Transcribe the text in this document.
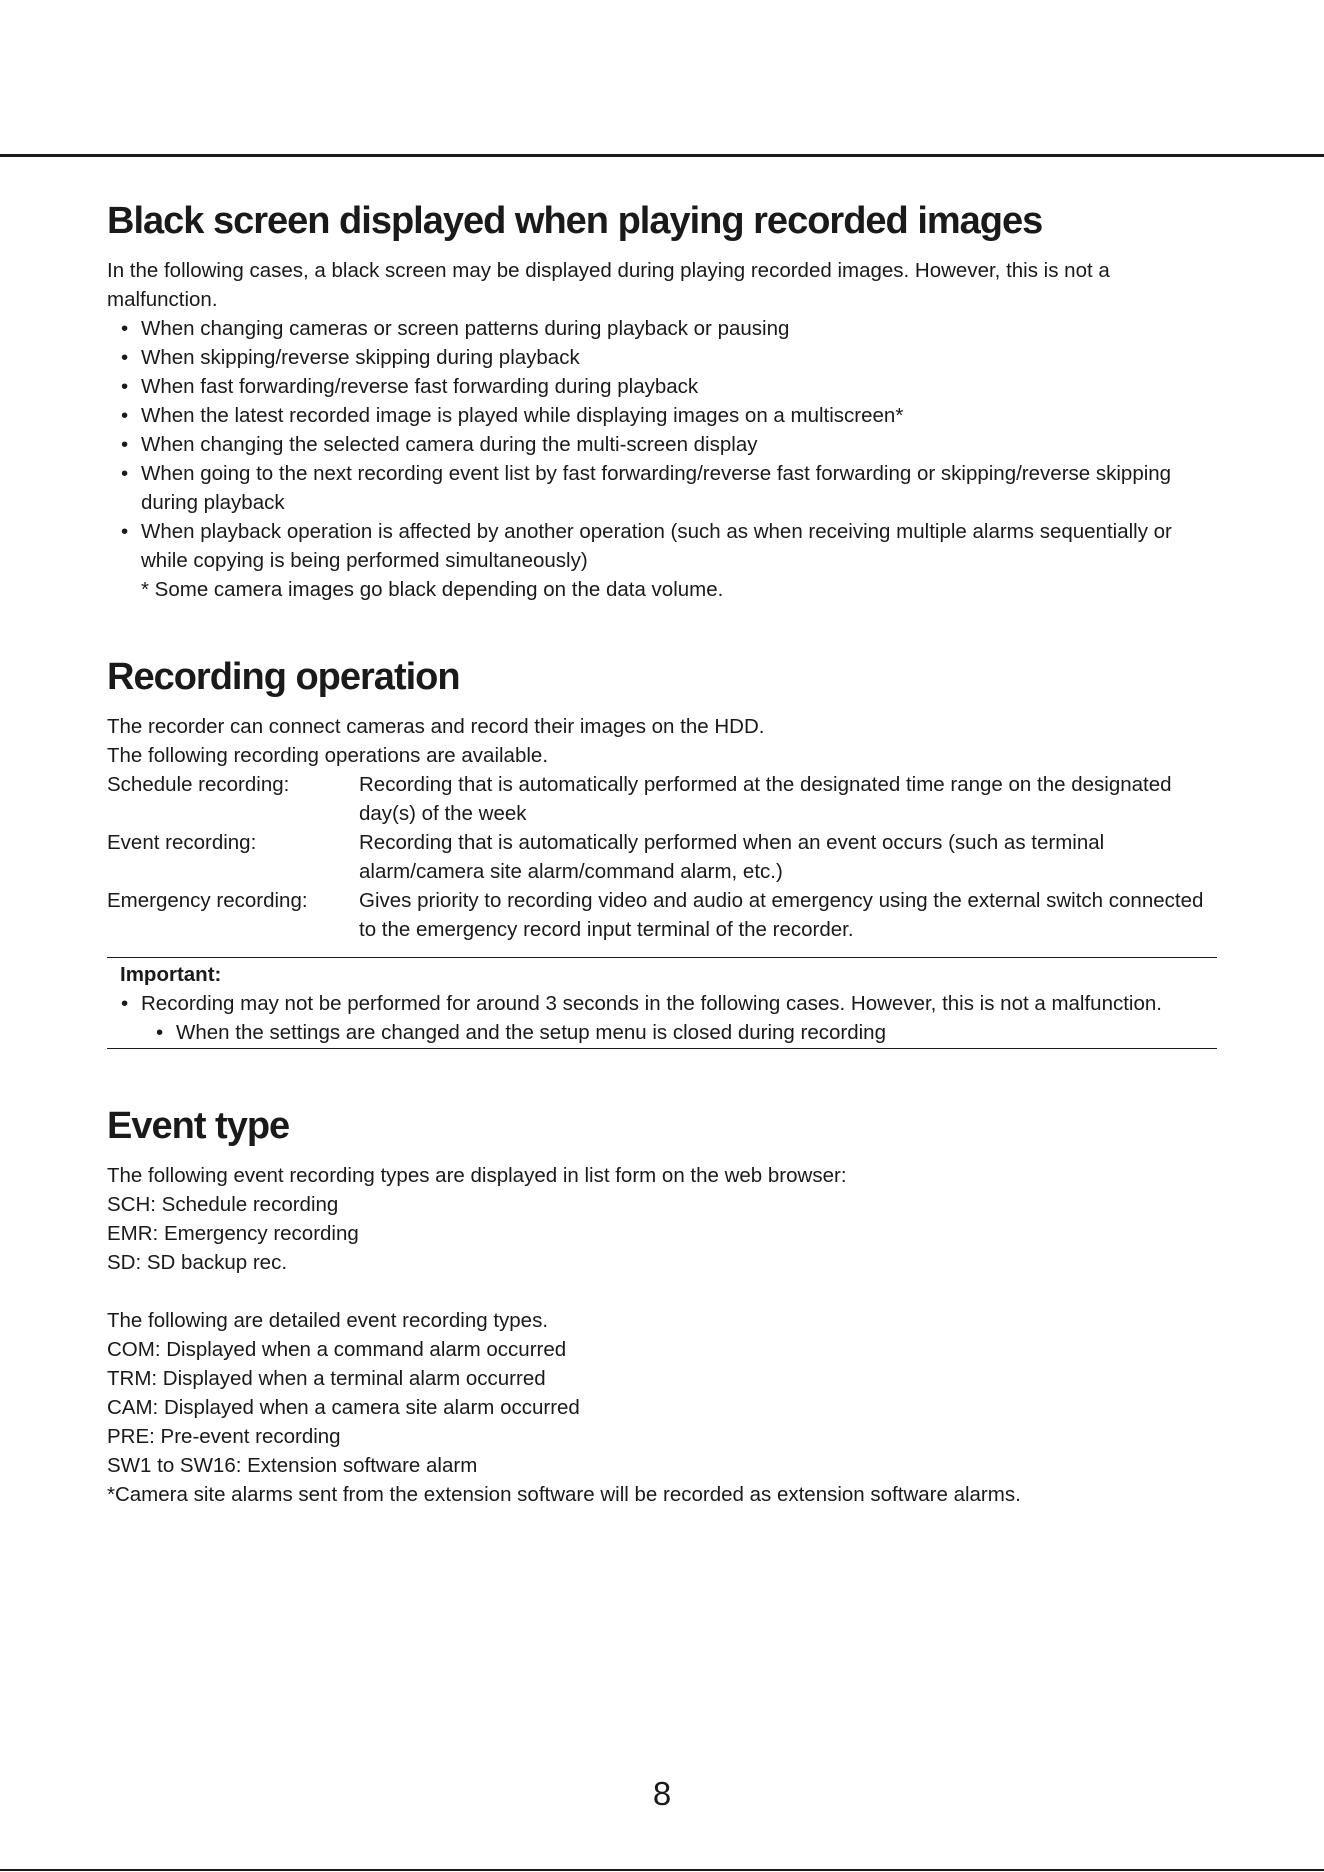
Black screen displayed when playing recorded images

In the following cases, a black screen may be displayed during playing recorded images. However, this is not a malfunction.

• When changing cameras or screen patterns during playback or pausing
• When skipping/reverse skipping during playback
• When fast forwarding/reverse fast forwarding during playback
• When the latest recorded image is played while displaying images on a multiscreen*
• When changing the selected camera during the multi-screen display
• When going to the next recording event list by fast forwarding/reverse fast forwarding or skipping/reverse skipping during playback
• When playback operation is affected by another operation (such as when receiving multiple alarms sequentially or while copying is being performed simultaneously)

* Some camera images go black depending on the data volume.

Recording operation
The recorder can connect cameras and record their images on the HDD.
The following recording operations are available.
Schedule recording:	Recording that is automatically performed at the designated time range on the designated day(s) of the week
Event recording:	Recording that is automatically performed when an event occurs (such as terminal alarm/camera site alarm/command alarm, etc.)
Emergency recording:	Gives priority to recording video and audio at emergency using the external switch connected to the emergency record input terminal of the recorder.
Important:
• Recording may not be performed for around 3 seconds in the following cases. However, this is not a malfunction.
• When the settings are changed and the setup menu is closed during recording
Event type
The following event recording types are displayed in list form on the web browser:
SCH: Schedule recording
EMR: Emergency recording
SD: SD backup rec.
The following are detailed event recording types.
COM: Displayed when a command alarm occurred
TRM: Displayed when a terminal alarm occurred
CAM: Displayed when a camera site alarm occurred
PRE: Pre-event recording
SW1 to SW16: Extension software alarm
*Camera site alarms sent from the extension software will be recorded as extension software alarms.
8
